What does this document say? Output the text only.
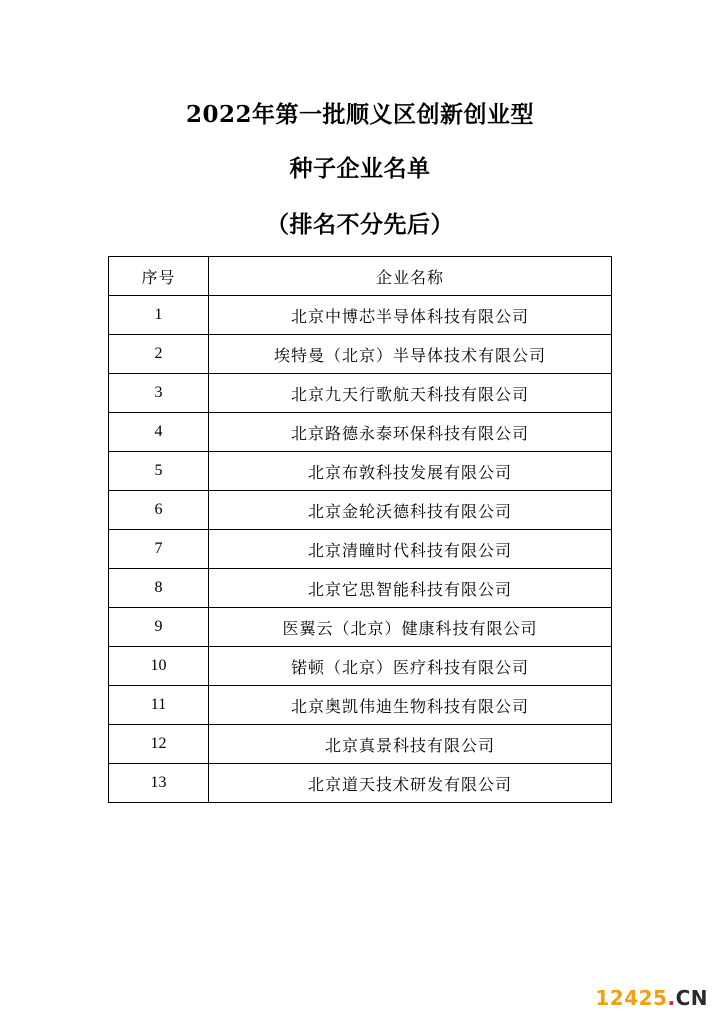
2022年第一批顺义区创新创业型
种子企业名单
（排名不分先后）
序号	企业名称
1	北京中博芯半导体科技有限公司
2	埃特曼（北京）半导体技术有限公司
3	北京九天行歌航天科技有限公司
4	北京路德永泰环保科技有限公司
5	北京布敦科技发展有限公司
6	北京金轮沃德科技有限公司
7	北京清瞳时代科技有限公司
8	北京它思智能科技有限公司
9	医翼云（北京）健康科技有限公司
10	锘顿（北京）医疗科技有限公司
11	北京奥凯伟迪生物科技有限公司
12	北京真景科技有限公司
13	北京道天技术研发有限公司
12425.CN
